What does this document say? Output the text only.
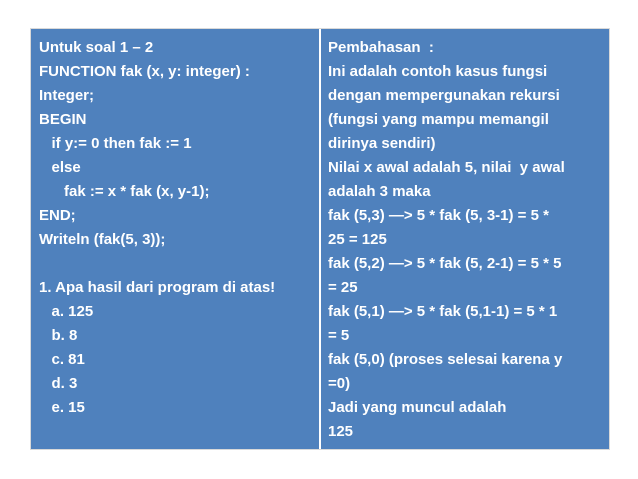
Untuk soal 1 – 2
FUNCTION fak (x, y: integer) :
Integer;
BEGIN
if y:= 0 then fak := 1
else
fak := x * fak (x, y-1);
END;
Writeln (fak(5, 3));
1. Apa hasil dari program di atas!
a. 125
b. 8
c. 81
d. 3
e. 15
Pembahasan  :
Ini adalah contoh kasus fungsi
dengan mempergunakan rekursi
(fungsi yang mampu memangil
dirinya sendiri)
Nilai x awal adalah 5, nilai  y awal
adalah 3 maka
fak (5,3) —> 5 * fak (5, 3-1) = 5 *
25 = 125
fak (5,2) —> 5 * fak (5, 2-1) = 5 * 5
= 25
fak (5,1) —> 5 * fak (5,1-1) = 5 * 1
= 5
fak (5,0) (proses selesai karena y
=0)
Jadi yang muncul adalah
125
